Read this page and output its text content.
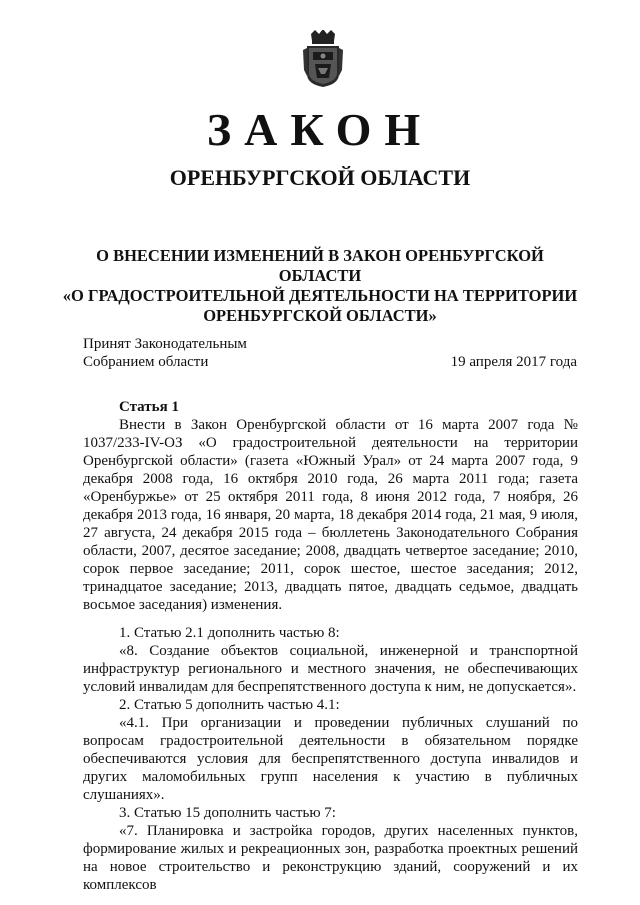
ЗАКОН
ОРЕНБУРГСКОЙ ОБЛАСТИ
О ВНЕСЕНИИ ИЗМЕНЕНИЙ В ЗАКОН ОРЕНБУРГСКОЙ ОБЛАСТИ
«О ГРАДОСТРОИТЕЛЬНОЙ ДЕЯТЕЛЬНОСТИ НА ТЕРРИТОРИИ
ОРЕНБУРГСКОЙ ОБЛАСТИ»
Принят Законодательным
Собранием области	19 апреля 2017 года

Статья 1

Внести в Закон Оренбургской области от 16 марта 2007 года № 1037/233-IV-ОЗ «О градостроительной деятельности на территории Оренбургской области» (газета «Южный Урал» от 24 марта 2007 года, 9 декабря 2008 года, 16 октября 2010 года, 26 марта 2011 года; газета «Оренбуржье» от 25 октября 2011 года, 8 июня 2012 года, 7 ноября, 26 декабря 2013 года, 16 января, 20 марта, 18 декабря 2014 года, 21 мая, 9 июля, 27 августа, 24 декабря 2015 года – бюллетень Законодательного Собрания области, 2007, десятое заседание; 2008, двадцать четвертое заседание; 2010, сорок первое заседание; 2011, сорок шестое, шестое заседания; 2012, тринадцатое заседание; 2013, двадцать пятое, двадцать седьмое, двадцать восьмое заседания) изменения.

1. Статью 2.1 дополнить частью 8:

«8. Создание объектов социальной, инженерной и транспортной инфраструктур регионального и местного значения, не обеспечивающих условий инвалидам для беспрепятственного доступа к ним, не допускается».

2. Статью 5 дополнить частью 4.1:

«4.1. При организации и проведении публичных слушаний по вопросам градостроительной деятельности в обязательном порядке обеспечиваются условия для беспрепятственного доступа инвалидов и других маломобильных групп населения к участию в публичных слушаниях».

3. Статью 15 дополнить частью 7:

«7. Планировка и застройка городов, других населенных пунктов, формирование жилых и рекреационных зон, разработка проектных решений на новое строительство и реконструкцию зданий, сооружений и их комплексов
